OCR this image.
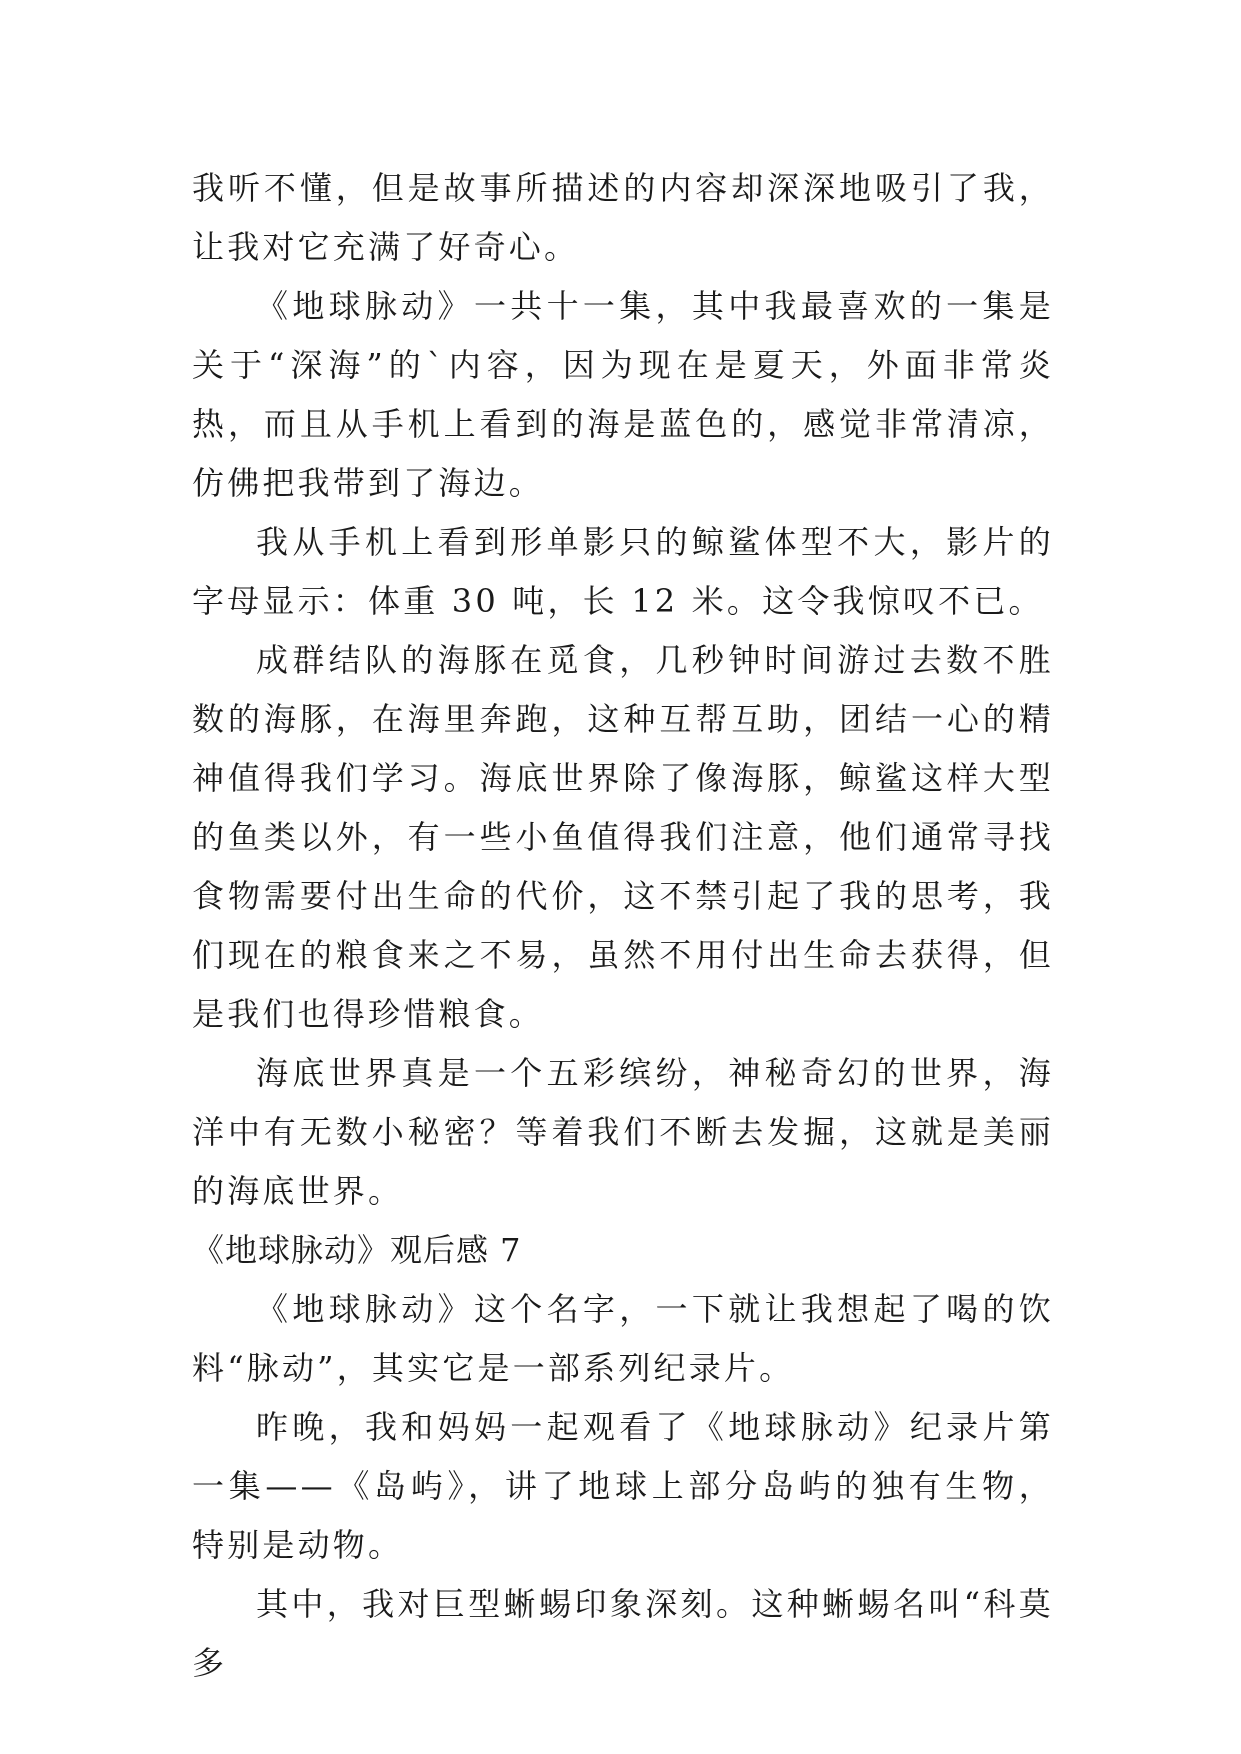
我听不懂，但是故事所描述的内容却深深地吸引了我，让我对它充满了好奇心。

《地球脉动》一共十一集，其中我最喜欢的一集是关于“深海”的`内容，因为现在是夏天，外面非常炎热，而且从手机上看到的海是蓝色的，感觉非常清凉，仿佛把我带到了海边。

我从手机上看到形单影只的鲸鲨体型不大，影片的字母显示：体重 30 吨，长 12 米。这令我惊叹不已。

成群结队的海豚在觅食，几秒钟时间游过去数不胜数的海豚，在海里奔跑，这种互帮互助，团结一心的精神值得我们学习。海底世界除了像海豚，鲸鲨这样大型的鱼类以外，有一些小鱼值得我们注意，他们通常寻找食物需要付出生命的代价，这不禁引起了我的思考，我们现在的粮食来之不易，虽然不用付出生命去获得，但是我们也得珍惜粮食。

海底世界真是一个五彩缤纷，神秘奇幻的世界，海洋中有无数小秘密？等着我们不断去发掘，这就是美丽的海底世界。

《地球脉动》观后感 7

《地球脉动》这个名字，一下就让我想起了喝的饮料“脉动”，其实它是一部系列纪录片。

昨晚，我和妈妈一起观看了《地球脉动》纪录片第一集——《岛屿》，讲了地球上部分岛屿的独有生物，特别是动物。

其中，我对巨型蜥蜴印象深刻。这种蜥蜴名叫“科莫多
